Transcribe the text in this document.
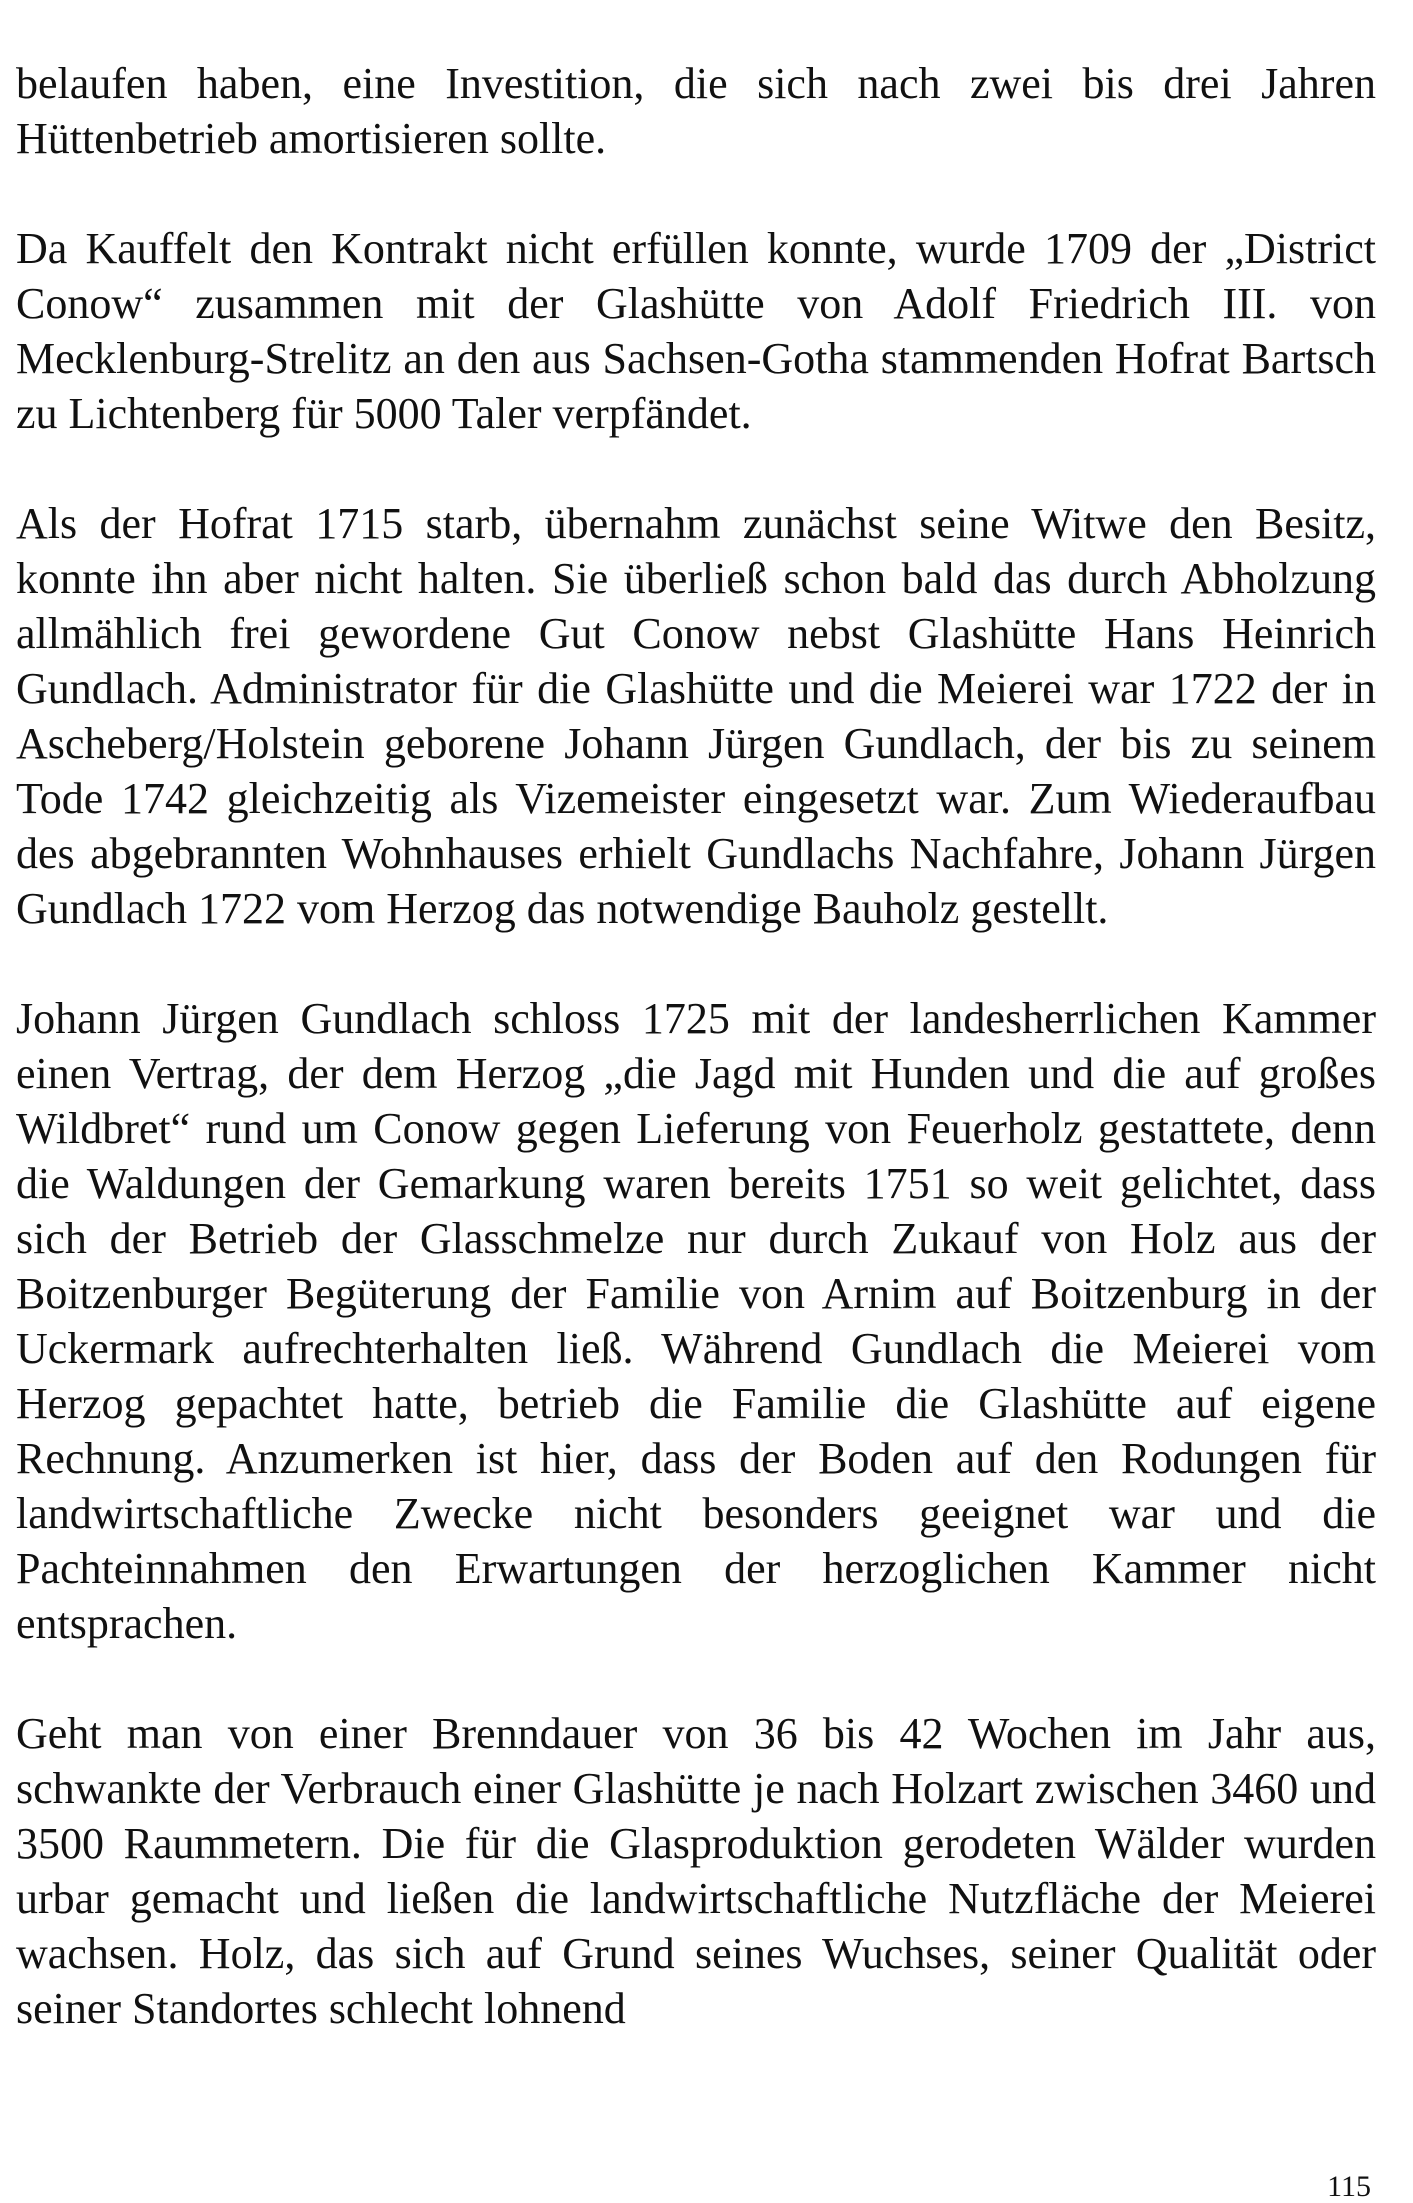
belaufen haben, eine Investition, die sich nach zwei bis drei Jahren Hüttenbetrieb amortisieren sollte.

Da Kauffelt den Kontrakt nicht erfüllen konnte, wurde 1709 der „District Conow“ zusammen mit der Glashütte von Adolf Friedrich III. von Mecklenburg-Strelitz an den aus Sachsen-Gotha stammenden Hofrat Bartsch zu Lichtenberg für 5000 Taler verpfändet.

Als der Hofrat 1715 starb, übernahm zunächst seine Witwe den Besitz, konnte ihn aber nicht halten. Sie überließ schon bald das durch Abholzung allmählich frei gewordene Gut Conow nebst Glashütte Hans Heinrich Gundlach. Administrator für die Glashütte und die Meierei war 1722 der in Ascheberg/Holstein geborene Johann Jürgen Gundlach, der bis zu seinem Tode 1742 gleichzeitig als Vizemeister eingesetzt war. Zum Wiederaufbau des abgebrannten Wohnhauses erhielt Gundlachs Nachfahre, Johann Jürgen Gundlach 1722 vom Herzog das notwendige Bauholz gestellt.

Johann Jürgen Gundlach schloss 1725 mit der landesherrlichen Kammer einen Vertrag, der dem Herzog „die Jagd mit Hunden und die auf großes Wildbret“ rund um Conow gegen Lieferung von Feuerholz gestattete, denn die Waldungen der Gemarkung waren bereits 1751 so weit gelichtet, dass sich der Betrieb der Glasschmelze nur durch Zukauf von Holz aus der Boitzenburger Begüterung der Familie von Arnim auf Boitzenburg in der Uckermark aufrechterhalten ließ. Während Gundlach die Meierei vom Herzog gepachtet hatte, betrieb die Familie die Glashütte auf eigene Rechnung. Anzumerken ist hier, dass der Boden auf den Rodungen für landwirtschaftliche Zwecke nicht besonders geeignet war und die Pachteinnahmen den Erwartungen der herzoglichen Kammer nicht entsprachen.

Geht man von einer Brenndauer von 36 bis 42 Wochen im Jahr aus, schwankte der Verbrauch einer Glashütte je nach Holzart zwischen 3460 und 3500 Raummetern. Die für die Glasproduktion gerodeten Wälder wurden urbar gemacht und ließen die landwirtschaftliche Nutzfläche der Meierei wachsen. Holz, das sich auf Grund seines Wuchses, seiner Qualität oder seiner Standortes schlecht lohnend

115
